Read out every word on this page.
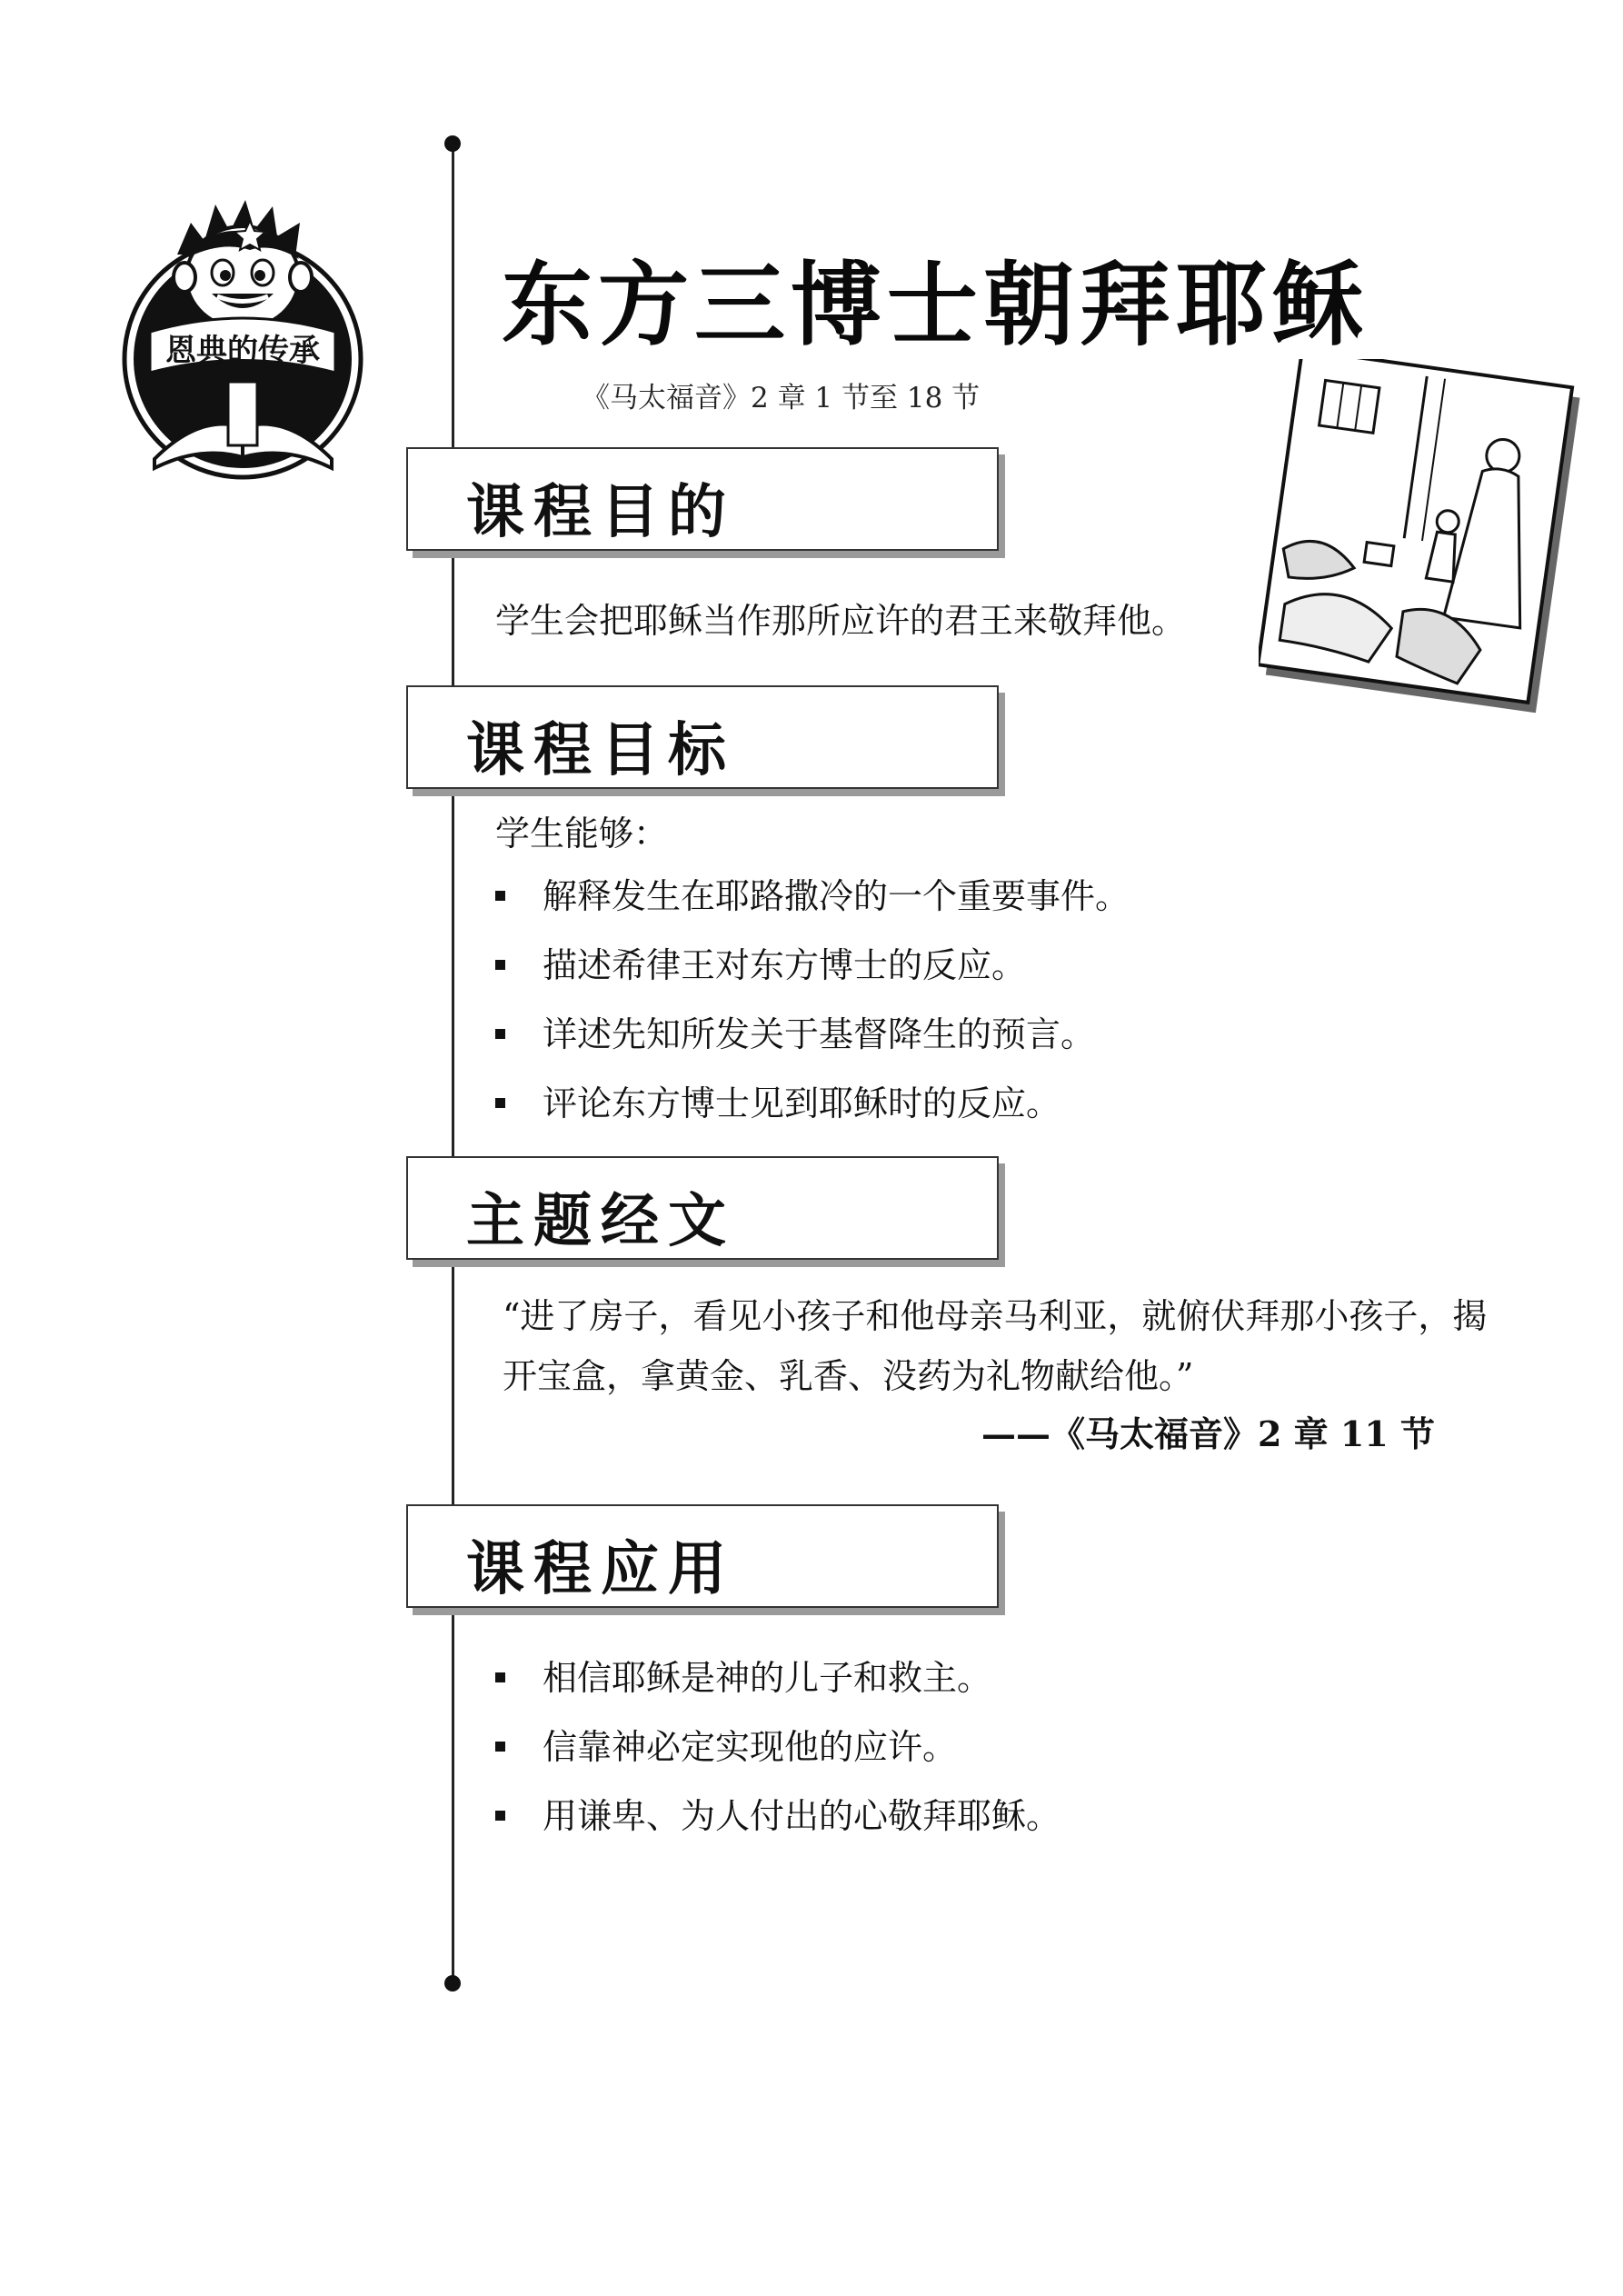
恩典的传承 东方三博士朝拜耶稣
《马太福音》2 章 1 节至 18 节
课程目的
学生会把耶稣当作那所应许的君王来敬拜他。
课程目标
学生能够：
解释发生在耶路撒冷的一个重要事件。
描述希律王对东方博士的反应。
详述先知所发关于基督降生的预言。
评论东方博士见到耶稣时的反应。
主题经文
“进了房子，看见小孩子和他母亲马利亚，就俯伏拜那小孩子，揭开宝盒，拿黄金、乳香、没药为礼物献给他。”
——《马太福音》2 章 11 节
课程应用
相信耶稣是神的儿子和救主。
信靠神必定实现他的应许。
用谦卑、为人付出的心敬拜耶稣。
